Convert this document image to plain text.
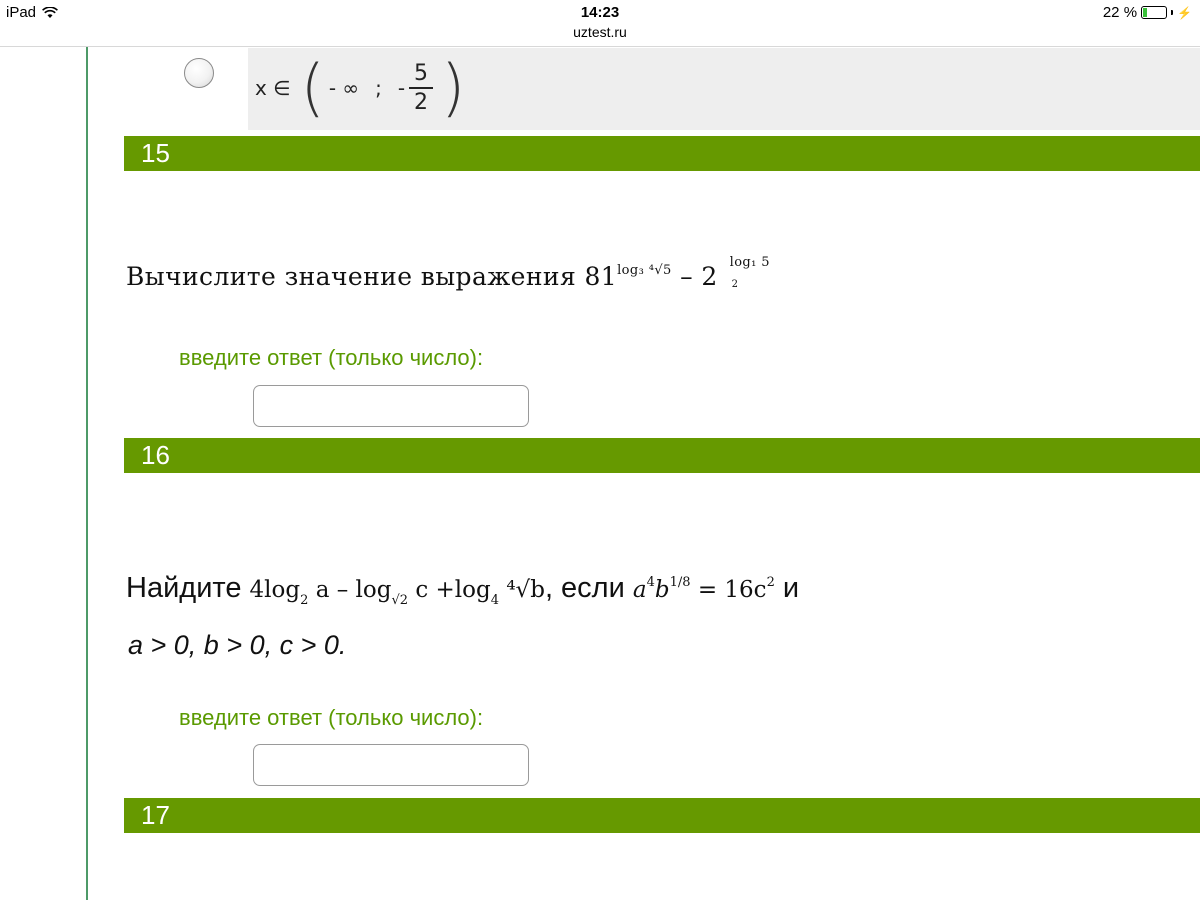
iPad	14:23
uztest.ru
22 %	⚡
x ∈ ( - ∞ ; - $\frac{5}{2}$ )
15
Вычислите значение выражения $81^{log_3 ^4√5} - 2$ log₁ 5
2
введите ответ (только число):
16
Найдите $4\log_2$ $a - \log_{√2} c +\log_4$ ⁴√b, если $a^4b^{1/8} = 16c^2$ и
a > 0, b > 0, c > 0.
введите ответ (только число):
17
